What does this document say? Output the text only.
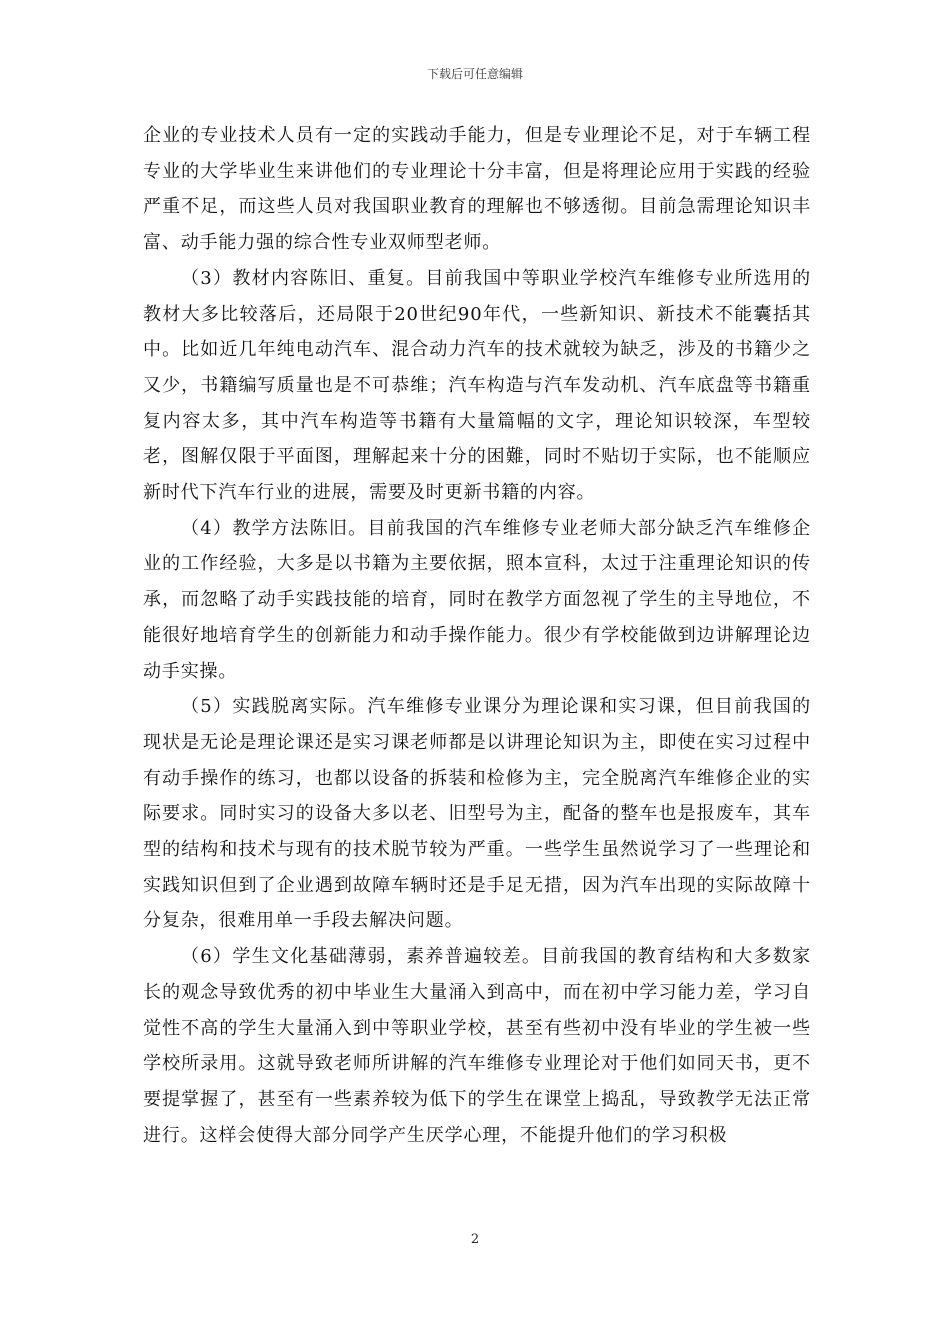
下载后可任意编辑

企业的专业技术人员有一定的实践动手能力，但是专业理论不足，对于车辆工程专业的大学毕业生来讲他们的专业理论十分丰富，但是将理论应用于实践的经验严重不足，而这些人员对我国职业教育的理解也不够透彻。目前急需理论知识丰富、动手能力强的综合性专业双师型老师。

（3）教材内容陈旧、重复。目前我国中等职业学校汽车维修专业所选用的教材大多比较落后，还局限于20世纪90年代，一些新知识、新技术不能囊括其中。比如近几年纯电动汽车、混合动力汽车的技术就较为缺乏，涉及的书籍少之又少，书籍编写质量也是不可恭维；汽车构造与汽车发动机、汽车底盘等书籍重复内容太多，其中汽车构造等书籍有大量篇幅的文字，理论知识较深，车型较老，图解仅限于平面图，理解起来十分的困難，同时不贴切于实际，也不能顺应新时代下汽车行业的进展，需要及时更新书籍的内容。

（4）教学方法陈旧。目前我国的汽车维修专业老师大部分缺乏汽车维修企业的工作经验，大多是以书籍为主要依据，照本宣科，太过于注重理论知识的传承，而忽略了动手实践技能的培育，同时在教学方面忽视了学生的主导地位，不能很好地培育学生的创新能力和动手操作能力。很少有学校能做到边讲解理论边动手实操。

（5）实践脱离实际。汽车维修专业课分为理论课和实习课，但目前我国的现状是无论是理论课还是实习课老师都是以讲理论知识为主，即使在实习过程中有动手操作的练习，也都以设备的拆装和检修为主，完全脱离汽车维修企业的实际要求。同时实习的设备大多以老、旧型号为主，配备的整车也是报废车，其车型的结构和技术与现有的技术脱节较为严重。一些学生虽然说学习了一些理论和实践知识但到了企业遇到故障车辆时还是手足无措，因为汽车出现的实际故障十分复杂，很难用单一手段去解决问题。

（6）学生文化基础薄弱，素养普遍较差。目前我国的教育结构和大多数家长的观念导致优秀的初中毕业生大量涌入到高中，而在初中学习能力差，学习自觉性不高的学生大量涌入到中等职业学校，甚至有些初中没有毕业的学生被一些学校所录用。这就导致老师所讲解的汽车维修专业理论对于他们如同天书，更不要提掌握了，甚至有一些素养较为低下的学生在课堂上捣乱，导致教学无法正常进行。这样会使得大部分同学产生厌学心理，不能提升他们的学习积极

2
